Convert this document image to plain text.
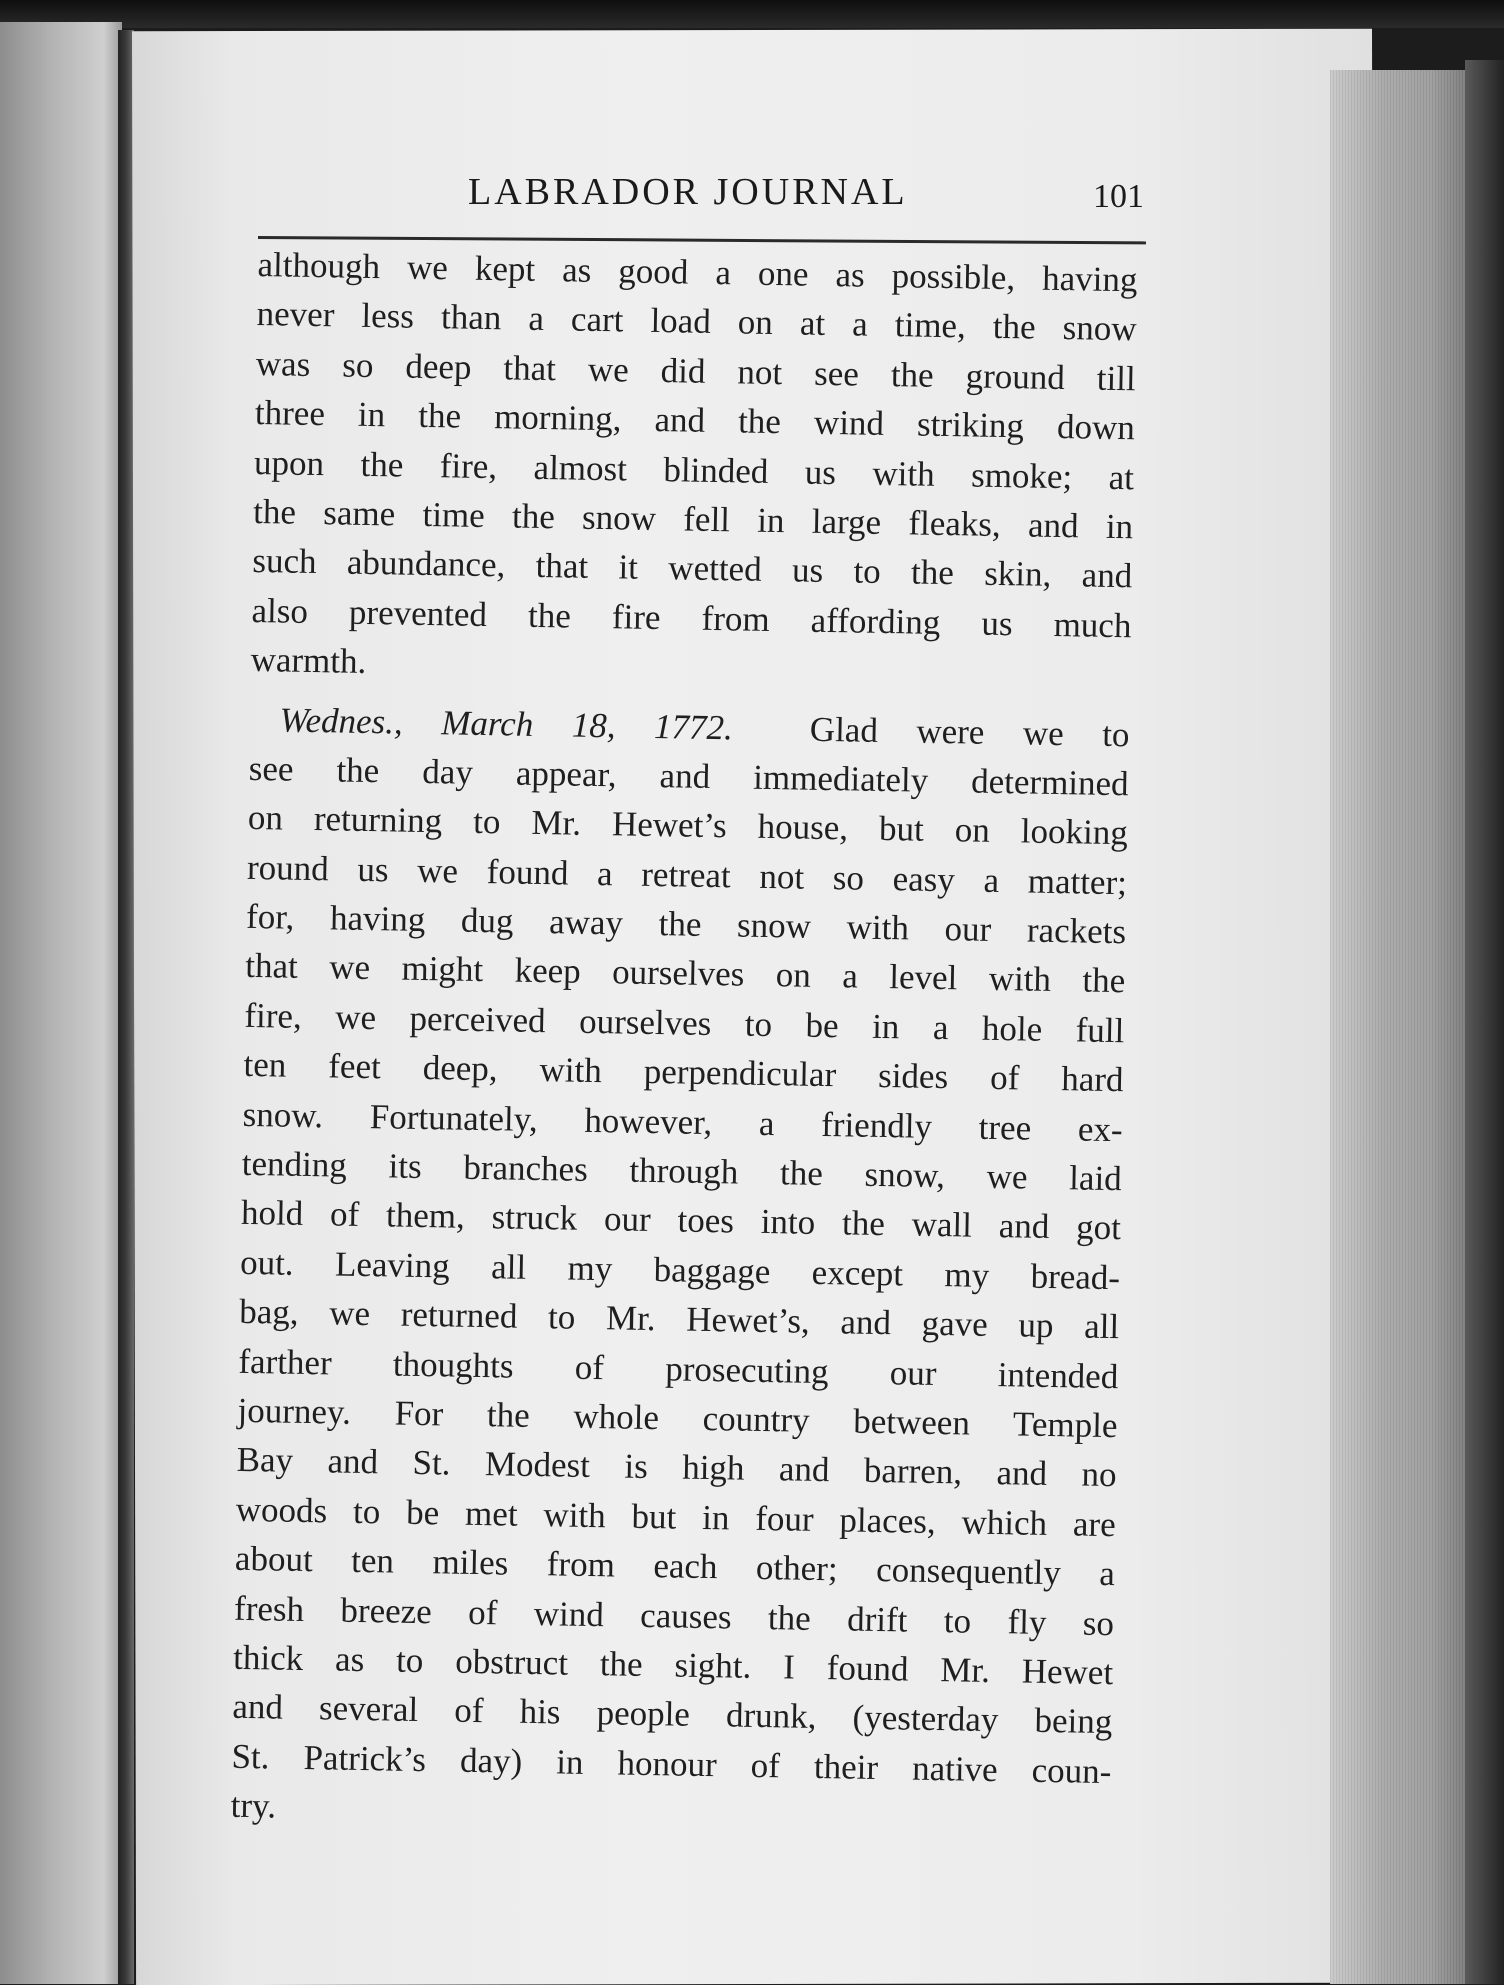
LABRADOR JOURNAL	101
although we kept as good a one as possible, having
never less than a cart load on at a time, the snow
was so deep that we did not see the ground till
three in the morning, and the wind striking down
upon the fire, almost blinded us with smoke; at
the same time the snow fell in large fleaks, and in
such abundance, that it wetted us to the skin, and
also prevented the fire from affording us much
warmth.
Wednes., March 18, 1772. Glad were we to
see the day appear, and immediately determined
on returning to Mr. Hewet’s house, but on looking
round us we found a retreat not so easy a matter;
for, having dug away the snow with our rackets
that we might keep ourselves on a level with the
fire, we perceived ourselves to be in a hole full
ten feet deep, with perpendicular sides of hard
snow. Fortunately, however, a friendly tree ex-
tending its branches through the snow, we laid
hold of them, struck our toes into the wall and got
out. Leaving all my baggage except my bread-
bag, we returned to Mr. Hewet’s, and gave up all
farther thoughts of prosecuting our intended
journey. For the whole country between Temple
Bay and St. Modest is high and barren, and no
woods to be met with but in four places, which are
about ten miles from each other; consequently a
fresh breeze of wind causes the drift to fly so
thick as to obstruct the sight. I found Mr. Hewet
and several of his people drunk, (yesterday being
St. Patrick’s day) in honour of their native coun-
try.
